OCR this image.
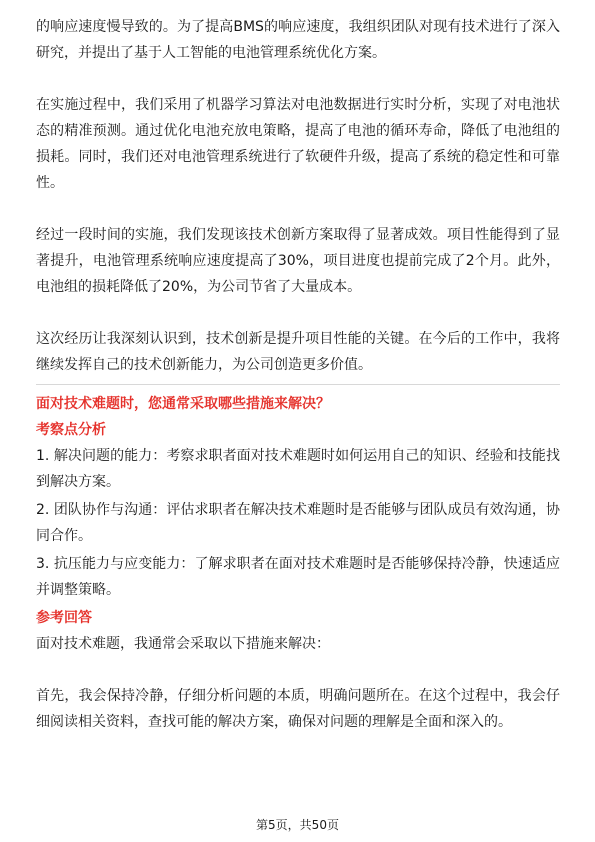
的响应速度慢导致的。为了提高BMS的响应速度，我组织团队对现有技术进行了深入研究，并提出了基于人工智能的电池管理系统优化方案。

在实施过程中，我们采用了机器学习算法对电池数据进行实时分析，实现了对电池状态的精准预测。通过优化电池充放电策略，提高了电池的循环寿命，降低了电池组的损耗。同时，我们还对电池管理系统进行了软硬件升级，提高了系统的稳定性和可靠性。

经过一段时间的实施，我们发现该技术创新方案取得了显著成效。项目性能得到了显著提升，电池管理系统响应速度提高了30%，项目进度也提前完成了2个月。此外，电池组的损耗降低了20%，为公司节省了大量成本。

这次经历让我深刻认识到，技术创新是提升项目性能的关键。在今后的工作中，我将继续发挥自己的技术创新能力，为公司创造更多价值。

面对技术难题时，您通常采取哪些措施来解决？
考察点分析
1. 解决问题的能力：考察求职者面对技术难题时如何运用自己的知识、经验和技能找到解决方案。
2. 团队协作与沟通：评估求职者在解决技术难题时是否能够与团队成员有效沟通，协同合作。
3. 抗压能力与应变能力：了解求职者在面对技术难题时是否能够保持冷静，快速适应并调整策略。
参考回答

面对技术难题，我通常会采取以下措施来解决：

首先，我会保持冷静，仔细分析问题的本质，明确问题所在。在这个过程中，我会仔细阅读相关资料，查找可能的解决方案，确保对问题的理解是全面和深入的。

第5页，共50页
